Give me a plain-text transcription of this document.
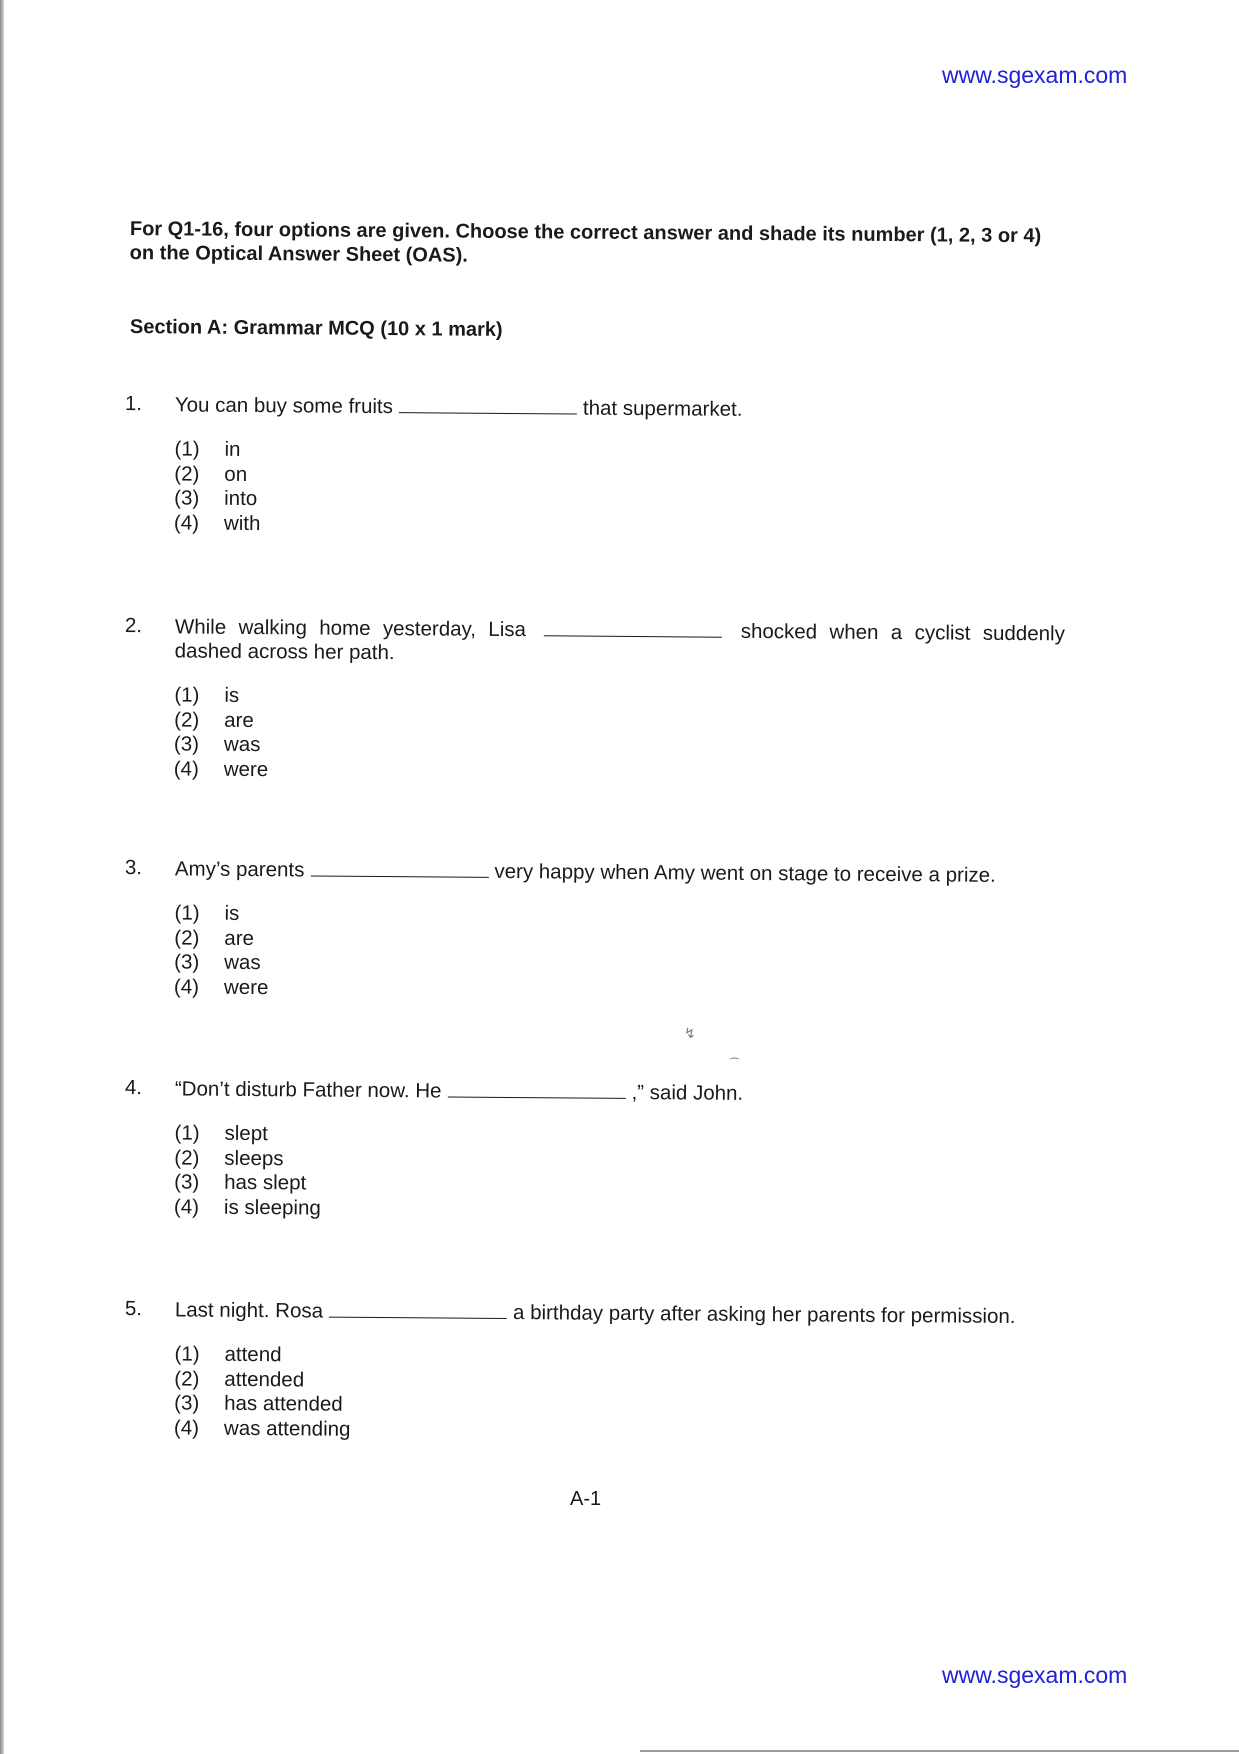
www.sgexam.com
For Q1-16, four options are given. Choose the correct answer and shade its number (1, 2, 3 or 4) on the Optical Answer Sheet (OAS).
Section A: Grammar MCQ (10 x 1 mark)
1.	You can buy some fruits	that supermarket.
(1)	in
(2)	on
(3)	into
(4)	with
2.	While walking home yesterday, Lisa	shocked when a cyclist suddenly
dashed across her path.
(1)	is
(2)	are
(3)	was
(4)	were
3.	Amy’s parents	very happy when Amy went on stage to receive a prize.
(1)	is
(2)	are
(3)	was
(4)	were
4.	“Don’t disturb Father now. He	,” said John.
(1)	slept
(2)	sleeps
(3)	has slept
(4)	is sleeping
5.	Last night. Rosa	a birthday party after asking her parents for permission.
(1)	attend
(2)	attended
(3)	has attended
(4)	was attending
↯
⁀
A-1
www.sgexam.com
